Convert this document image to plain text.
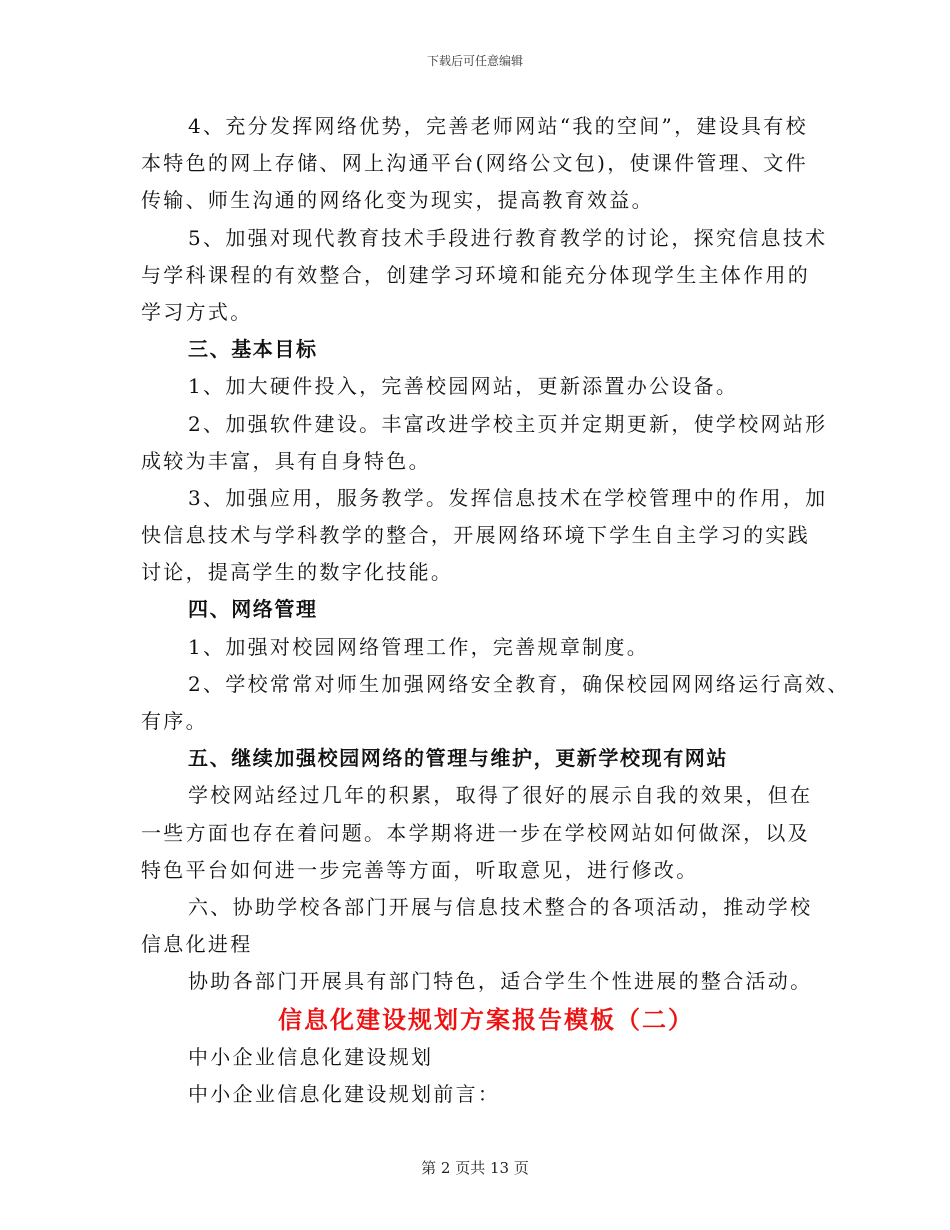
下载后可任意编辑
4、充分发挥网络优势，完善老师网站“我的空间”，建设具有校
本特色的网上存储、网上沟通平台(网络公文包)，使课件管理、文件
传输、师生沟通的网络化变为现实，提高教育效益。
5、加强对现代教育技术手段进行教育教学的讨论，探究信息技术
与学科课程的有效整合，创建学习环境和能充分体现学生主体作用的
学习方式。
三、基本目标
1、加大硬件投入，完善校园网站，更新添置办公设备。
2、加强软件建设。丰富改进学校主页并定期更新，使学校网站形
成较为丰富，具有自身特色。
3、加强应用，服务教学。发挥信息技术在学校管理中的作用，加
快信息技术与学科教学的整合，开展网络环境下学生自主学习的实践
讨论，提高学生的数字化技能。
四、网络管理
1、加强对校园网络管理工作，完善规章制度。
2、学校常常对师生加强网络安全教育，确保校园网网络运行高效、
有序。
五、继续加强校园网络的管理与维护，更新学校现有网站
学校网站经过几年的积累，取得了很好的展示自我的效果，但在
一些方面也存在着问题。本学期将进一步在学校网站如何做深，以及
特色平台如何进一步完善等方面，听取意见，进行修改。
六、协助学校各部门开展与信息技术整合的各项活动，推动学校
信息化进程
协助各部门开展具有部门特色，适合学生个性进展的整合活动。
信息化建设规划方案报告模板（二）
中小企业信息化建设规划
中小企业信息化建设规划前言：
第 2 页共 13 页
